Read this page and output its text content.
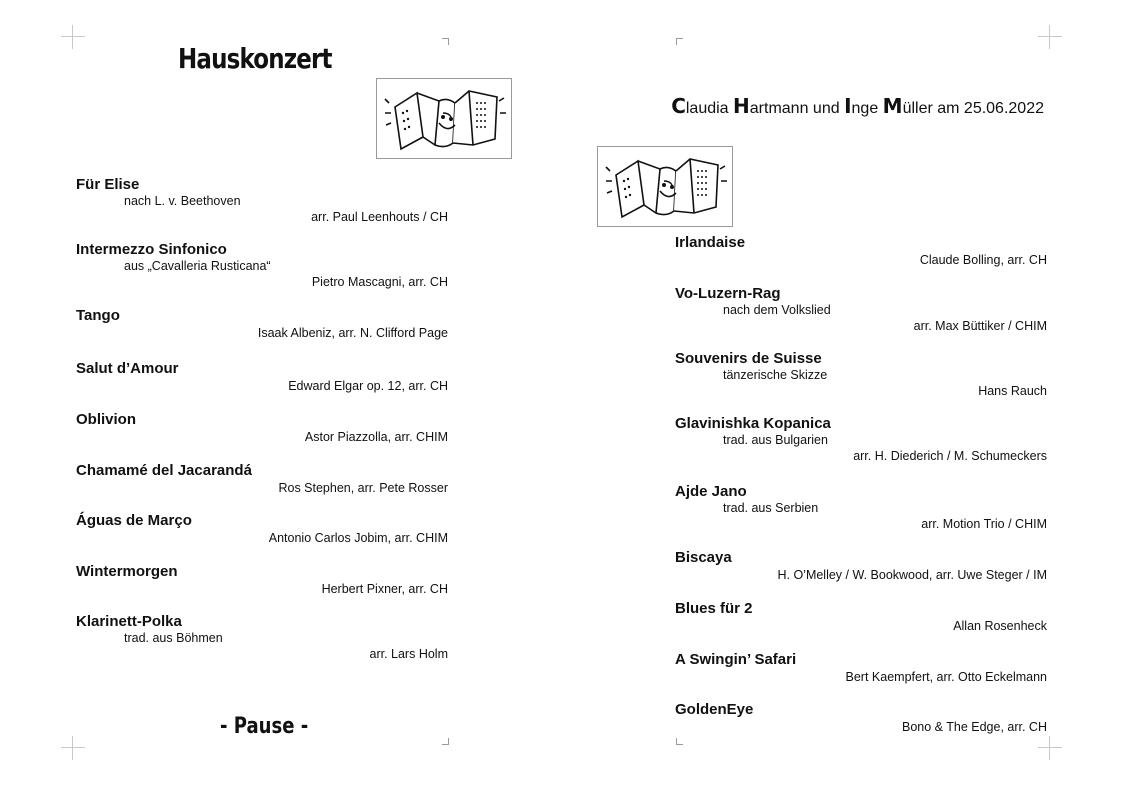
Hauskonzert
Claudia Hartmann und Inge Müller am 25.06.2022
Für Elise
nach L. v. Beethoven
arr. Paul Leenhouts / CH
Intermezzo Sinfonico
aus „Cavalleria Rusticana“
Pietro Mascagni, arr. CH
Tango
Isaak Albeniz, arr. N. Clifford Page
Salut d’Amour
Edward Elgar op. 12, arr. CH
Oblivion
Astor Piazzolla, arr. CHIM
Chamamé del Jacarandá
Ros Stephen, arr. Pete Rosser
Águas de Março
Antonio Carlos Jobim, arr. CHIM
Wintermorgen
Herbert Pixner, arr. CH
Klarinett-Polka
trad. aus Böhmen
arr. Lars Holm
- Pause -
Irlandaise
Claude Bolling, arr. CH
Vo-Luzern-Rag
nach dem Volkslied
arr. Max Büttiker / CHIM
Souvenirs de Suisse
tänzerische Skizze
Hans Rauch
Glavinishka Kopanica
trad. aus Bulgarien
arr. H. Diederich / M. Schumeckers
Ajde Jano
trad. aus Serbien
arr. Motion Trio / CHIM
Biscaya
H. O’Melley / W. Bookwood, arr. Uwe Steger / IM
Blues für 2
Allan Rosenheck
A Swingin’ Safari
Bert Kaempfert, arr. Otto Eckelmann
GoldenEye
Bono & The Edge, arr. CH
